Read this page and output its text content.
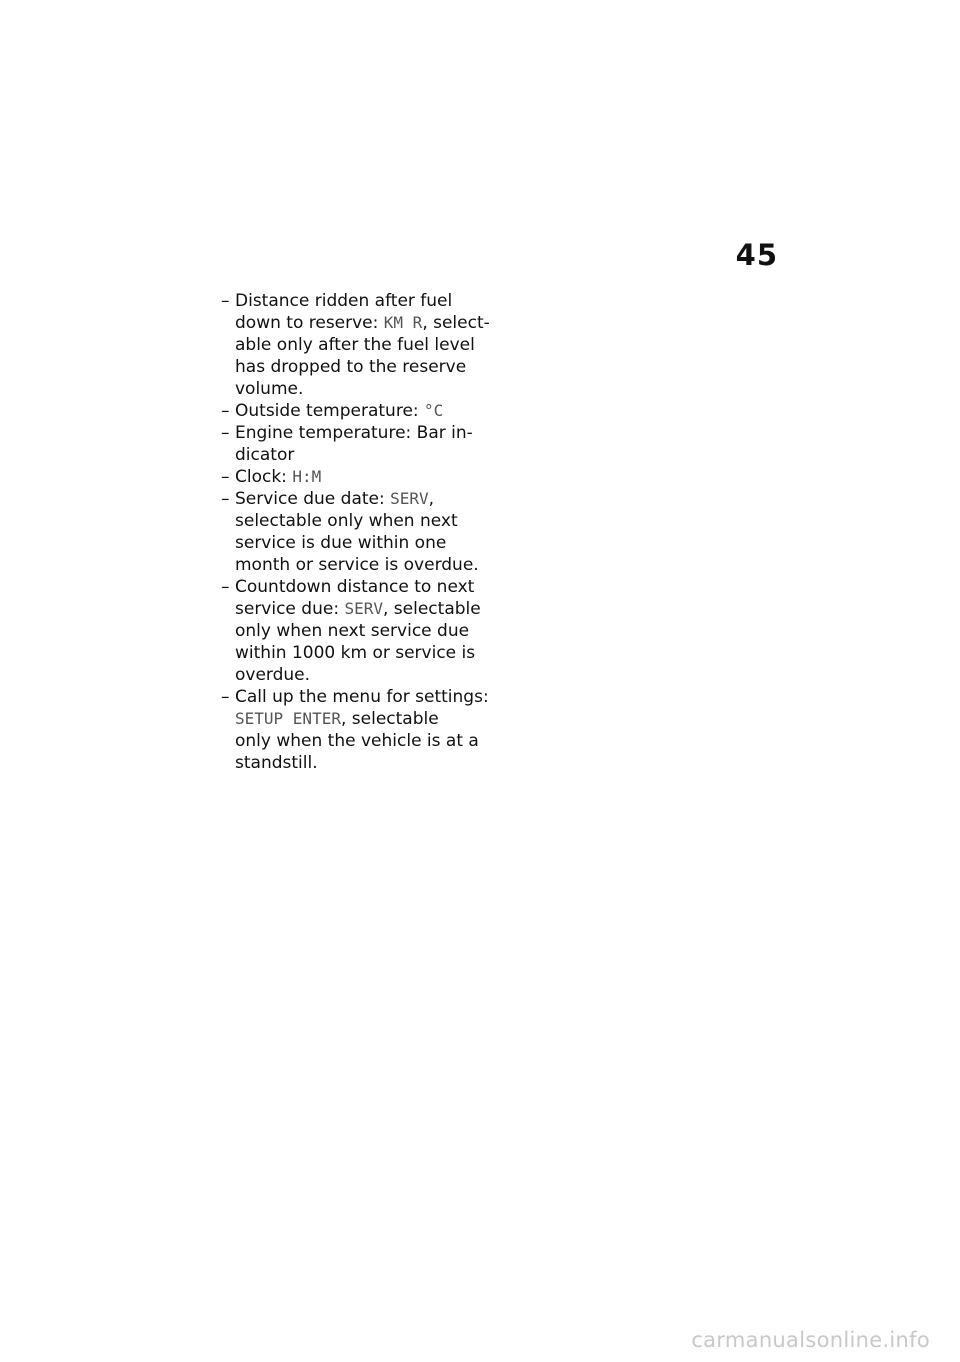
45
– Distance ridden after fuel
down to reserve: KM R, select-
able only after the fuel level
has dropped to the reserve
volume.
– Outside temperature: °C
– Engine temperature: Bar in-
dicator
– Clock: H:M
– Service due date: SERV,
selectable only when next
service is due within one
month or service is overdue.
– Countdown distance to next
service due: SERV, selectable
only when next service due
within 1000 km or service is
overdue.
– Call up the menu for settings:
SETUP ENTER, selectable
only when the vehicle is at a
standstill.
carmanualsonline.info
